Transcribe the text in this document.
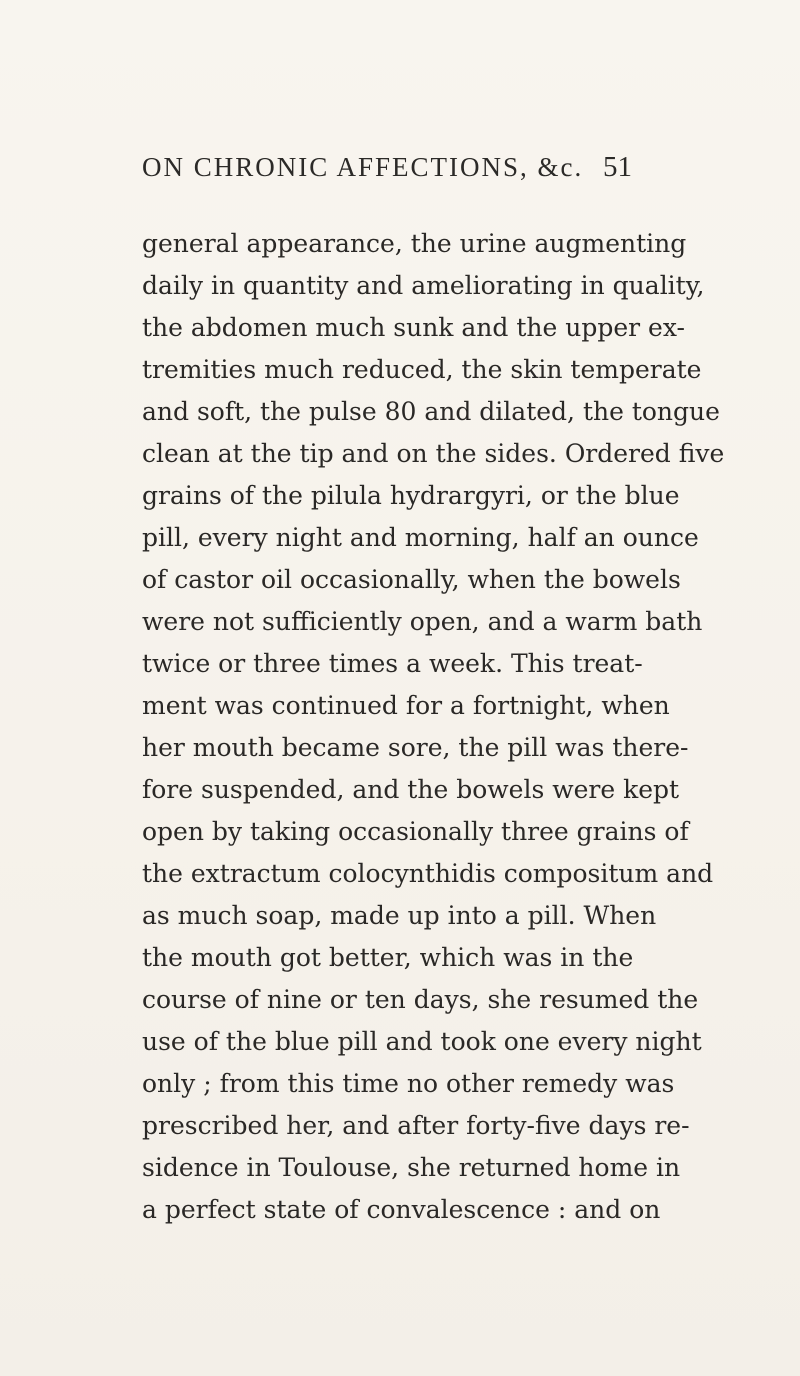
ON CHRONIC AFFECTIONS, &c. 51
general appearance, the urine augmenting
daily in quantity and ameliorating in quality,
the abdomen much sunk and the upper ex-
tremities much reduced, the skin temperate
and soft, the pulse 80 and dilated, the tongue
clean at the tip and on the sides. Ordered five
grains of the pilula hydrargyri, or the blue
pill, every night and morning, half an ounce
of castor oil occasionally, when the bowels
were not sufficiently open, and a warm bath
twice or three times a week. This treat-
ment was continued for a fortnight, when
her mouth became sore, the pill was there-
fore suspended, and the bowels were kept
open by taking occasionally three grains of
the extractum colocynthidis compositum and
as much soap, made up into a pill. When
the mouth got better, which was in the
course of nine or ten days, she resumed the
use of the blue pill and took one every night
only ; from this time no other remedy was
prescribed her, and after forty-five days re-
sidence in Toulouse, she returned home in
a perfect state of convalescence : and on
